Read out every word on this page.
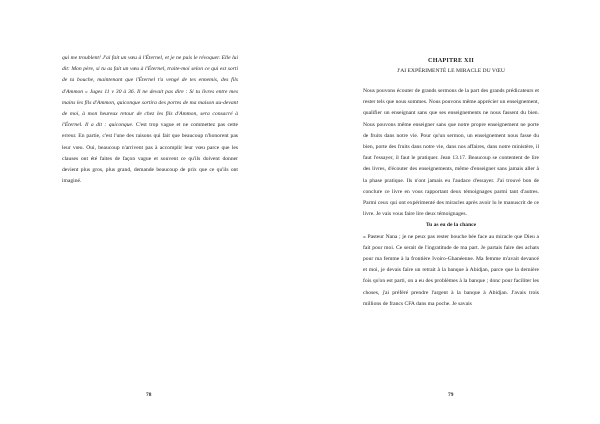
qui me troublent! J'ai fait un vœu à l'Éternel, et je ne puis le révoquer. Elle lui dit: Mon père, si tu as fait un vœu à l'Éternel, traite-moi selon ce qui est sorti de ta bouche, maintenant que l'Éternel t'a vengé de tes ennemis, des fils d'Ammon » Juges 11 v 30 à 36. Il ne devait pas dire : Si tu livres entre mes mains les fils d'Ammon, quiconque sortira des portes de ma maison au-devant de moi, à mon heureux retour de chez les fils d'Ammon, sera consacré à l'Éternel. Il a dit : quiconque. C'est trop vague et ne commettez pas cette erreur. En partie, c'est l'une des raisons qui fait que beaucoup n'honorent pas leur vœu. Oui, beaucoup n'arrivent pas à accomplir leur vœu parce que les clauses ont été faites de façon vague et souvent ce qu'ils doivent donner devient plus gros, plus grand, demande beaucoup de prix que ce qu'ils ont imaginé.
78
CHAPITRE XII
J'AI EXPÉRIMENTÉ LE MIRACLE DU VŒU

Nous pouvons écouter de grands sermons de la part des grands prédicateurs et rester tels que nous sommes. Nous pouvons même apprécier un enseignement, qualifier un enseignant sans que ses enseignements ne nous fassent du bien. Nous pouvons même enseigner sans que notre propre enseignement ne porte de fruits dans notre vie. Pour qu'un sermon, un enseignement nous fasse du bien, porte des fruits dans notre vie, dans nos affaires, dans notre ministère, il faut l'essayer, il faut le pratiquer. Jean 13.17. Beaucoup se contentent de lire des livres, d'écouter des enseignements, même d'enseigner sans jamais aller à la phase pratique. Ils n'ont jamais eu l'audace d'essayer. J'ai trouvé bon de conclure ce livre en vous rapportant deux témoignages parmi tant d'autres. Parmi ceux qui ont expérimenté des miracles après avoir lu le manuscrit de ce livre. Je vais vous faire lire deux témoignages.

Tu as eu de la chance

« Pasteur Nana ; je ne peux pas rester bouche bée face au miracle que Dieu a fait pour moi. Ce serait de l'ingratitude de ma part. Je partais faire des achats pour ma femme à la frontière Ivoiro-Ghanéenne. Ma femme m'avait devancé et moi, je devais faire un retrait à la banque à Abidjan, parce que la dernière fois qu'on est parti, on a eu des problèmes à la banque ; donc pour faciliter les choses, j'ai préféré prendre l'argent à la banque à Abidjan. J'avais trois millions de francs CFA dans ma poche. Je savais

79
